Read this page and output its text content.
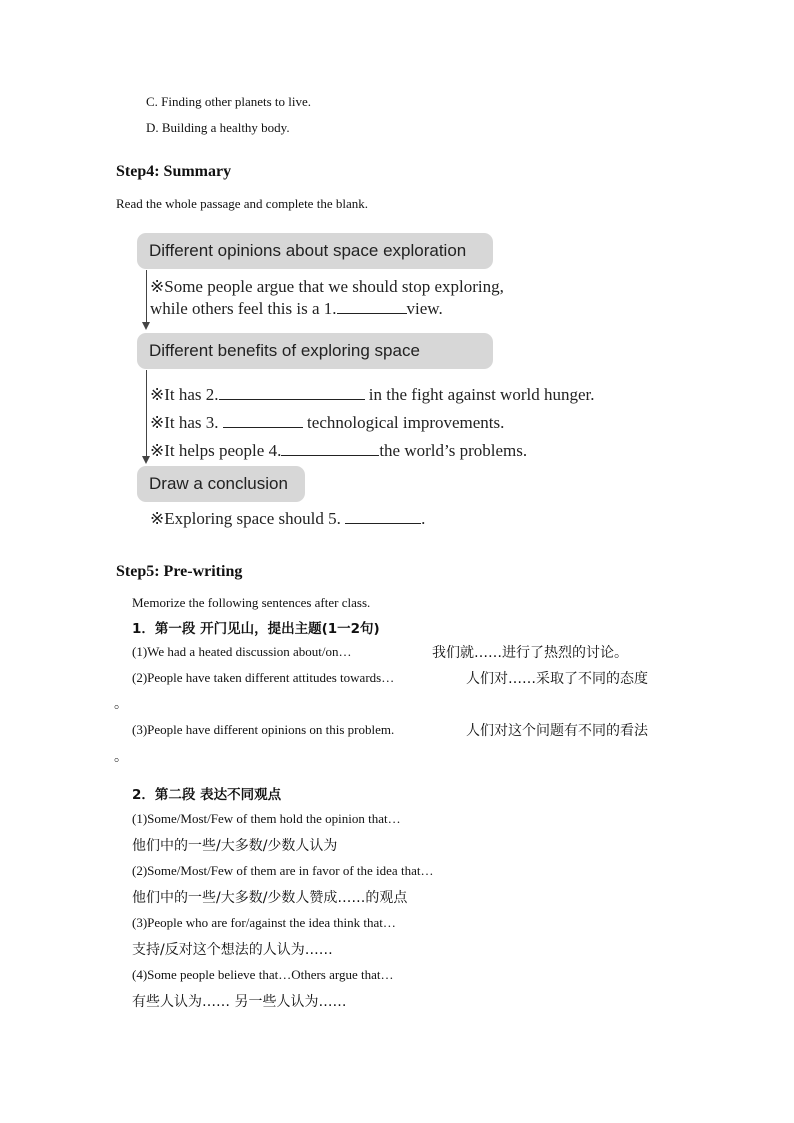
C. Finding other planets to live.
D. Building a healthy body.
Step4: Summary
Read the whole passage and complete the blank.
Different opinions about space exploration
※Some people argue that we should stop exploring,
while others feel this is a 1.	view.
Different benefits of exploring space
※It has 2.	in the fight against world hunger.
※It has 3.	technological improvements.
※It helps people 4.	the world’s problems.
Draw a conclusion
※Exploring space should 5.	.
Step5: Pre-writing
Memorize the following sentences after class.
1．第一段 开门见山，提出主题(1一2句)
(1)We had a heated discussion about/on…	我们就……进行了热烈的讨论。
(2)People have taken different attitudes towards…	人们对……采取了不同的态度
。
(3)People have different opinions on this problem.	人们对这个问题有不同的看法
。
2．第二段 表达不同观点
(1)Some/Most/Few of them hold the opinion that…
他们中的一些/大多数/少数人认为
(2)Some/Most/Few of them are in favor of the idea that…
他们中的一些/大多数/少数人赞成……的观点
(3)People who are for/against the idea think that…
支持/反对这个想法的人认为……
(4)Some people believe that…Others argue that…
有些人认为…… 另一些人认为……
